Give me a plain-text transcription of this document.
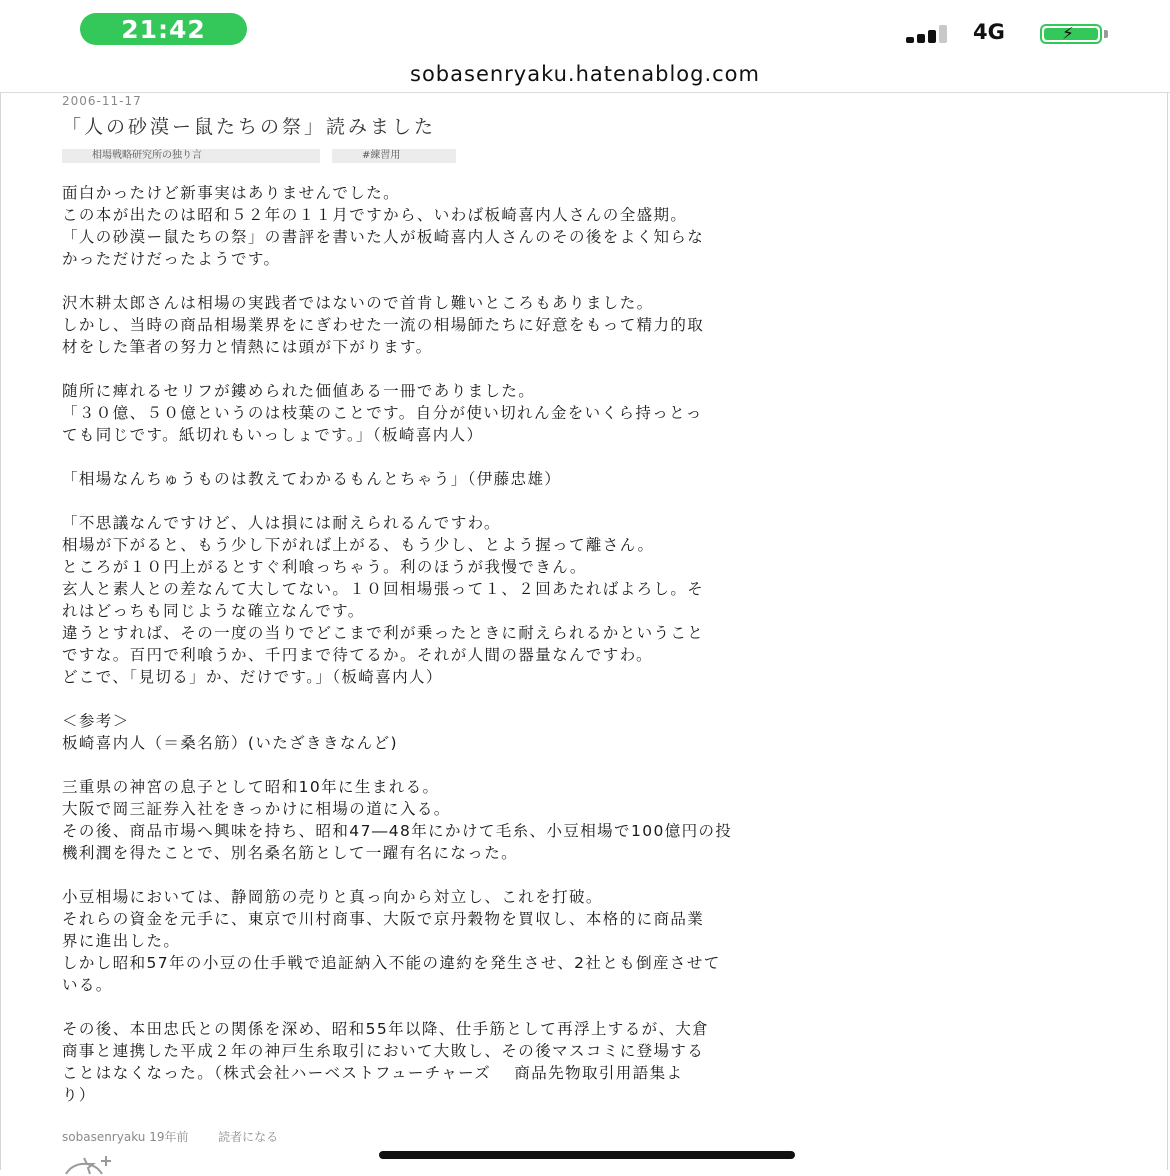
21:42	4G	⚡
sobasenryaku.hatenablog.com
2006-11-17
「人の砂漠ー鼠たちの祭」読みました
相場戦略研究所の独り言	#練習用
面白かったけど新事実はありませんでした。
この本が出たのは昭和５２年の１１月ですから、いわば板崎喜内人さんの全盛期。
「人の砂漠ー鼠たちの祭」の書評を書いた人が板崎喜内人さんのその後をよく知らな
かっただけだったようです。
沢木耕太郎さんは相場の実践者ではないので首肯し難いところもありました。
しかし、当時の商品相場業界をにぎわせた一流の相場師たちに好意をもって精力的取
材をした筆者の努力と情熱には頭が下がります。
随所に痺れるセリフが鏤められた価値ある一冊でありました。
「３０億、５０億というのは枝葉のことです。自分が使い切れん金をいくら持っとっ
ても同じです。紙切れもいっしょです。」（板崎喜内人）
「相場なんちゅうものは教えてわかるもんとちゃう」（伊藤忠雄）
「不思議なんですけど、人は損には耐えられるんですわ。
相場が下がると、もう少し下がれば上がる、もう少し、とよう握って離さん。
ところが１０円上がるとすぐ利喰っちゃう。利のほうが我慢できん。
玄人と素人との差なんて大してない。１０回相場張って１、２回あたればよろし。そ
れはどっちも同じような確立なんです。
違うとすれば、その一度の当りでどこまで利が乗ったときに耐えられるかということ
ですな。百円で利喰うか、千円まで待てるか。それが人間の器量なんですわ。
どこで、「見切る」か、だけです。」（板崎喜内人）
＜参考＞
板崎喜内人（＝桑名筋）(いたざききなんど)
三重県の神宮の息子として昭和10年に生まれる。
大阪で岡三証券入社をきっかけに相場の道に入る。
その後、商品市場へ興味を持ち、昭和47―48年にかけて毛糸、小豆相場で100億円の投
機利潤を得たことで、別名桑名筋として一躍有名になった。
小豆相場においては、静岡筋の売りと真っ向から対立し、これを打破。
それらの資金を元手に、東京で川村商事、大阪で京丹穀物を買収し、本格的に商品業
界に進出した。
しかし昭和57年の小豆の仕手戦で追証納入不能の違約を発生させ、2社とも倒産させて
いる。
その後、本田忠氏との関係を深め、昭和55年以降、仕手筋として再浮上するが、大倉
商事と連携した平成２年の神戸生糸取引において大敗し、その後マスコミに登場する
ことはなくなった。（株式会社ハーベストフューチャーズ　 商品先物取引用語集よ
り）
sobasenryaku 19年前 読者になる
